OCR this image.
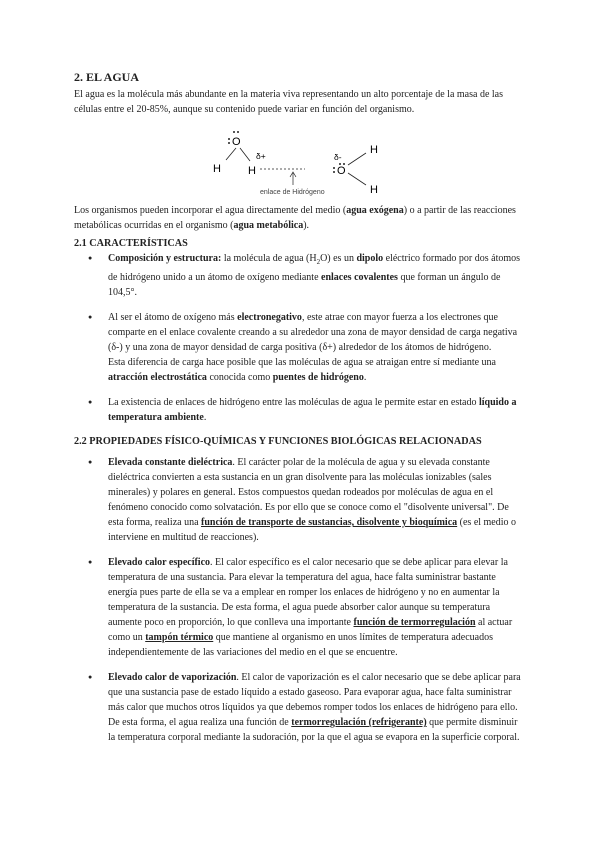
2. EL AGUA

El agua es la molécula más abundante en la materia viva representando un alto porcentaje de la masa de las células entre el 20-85%, aunque su contenido puede variar en función del organismo.

O
H H
δ+
enlace de Hidrógeno
δ-
O
H
H

Los organismos pueden incorporar el agua directamente del medio (agua exógena) o a partir de las reacciones metabólicas ocurridas en el organismo (agua metabólica).

2.1 CARACTERÍSTICAS
● Composición y estructura: la molécula de agua $(H_2O)$ es un dipolo eléctrico formado por dos átomos de hidrógeno unido a un átomo de oxígeno mediante enlaces covalentes que forman un ángulo de 104,5°.
● Al ser el átomo de oxígeno más electronegativo, este atrae con mayor fuerza a los electrones que comparte en el enlace covalente creando a su alrededor una zona de mayor densidad de carga negativa (δ-) y una zona de mayor densidad de carga positiva (δ+) alrededor de los átomos de hidrógeno.
Esta diferencia de carga hace posible que las moléculas de agua se atraigan entre sí mediante una atracción electrostática conocida como puentes de hidrógeno.
● La existencia de enlaces de hidrógeno entre las moléculas de agua le permite estar en estado líquido a temperatura ambiente.
2.2 PROPIEDADES FÍSICO-QUÍMICAS Y FUNCIONES BIOLÓGICAS RELACIONADAS
● Elevada constante dieléctrica. El carácter polar de la molécula de agua y su elevada constante dieléctrica convierten a esta sustancia en un gran disolvente para las moléculas ionizables (sales minerales) y polares en general. Estos compuestos quedan rodeados por moléculas de agua en el fenómeno conocido como solvatación. Es por ello que se conoce como el "disolvente universal". De esta forma, realiza una función de transporte de sustancias, disolvente y bioquímica (es el medio o interviene en multitud de reacciones).
● Elevado calor específico. El calor específico es el calor necesario que se debe aplicar para elevar la temperatura de una sustancia. Para elevar la temperatura del agua, hace falta suministrar bastante energía pues parte de ella se va a emplear en romper los enlaces de hidrógeno y no en aumentar la temperatura de la sustancia. De esta forma, el agua puede absorber calor aunque su temperatura aumente poco en proporción, lo que conlleva una importante función de termorregulación al actuar como un tampón térmico que mantiene al organismo en unos límites de temperatura adecuados independientemente de las variaciones del medio en el que se encuentre.
● Elevado calor de vaporización. El calor de vaporización es el calor necesario que se debe aplicar para que una sustancia pase de estado líquido a estado gaseoso. Para evaporar agua, hace falta suministrar más calor que muchos otros líquidos ya que debemos romper todos los enlaces de hidrógeno para ello. De esta forma, el agua realiza una función de termorregulación (refrigerante) que permite disminuir la temperatura corporal mediante la sudoración, por la que el agua se evapora en la superficie corporal.
